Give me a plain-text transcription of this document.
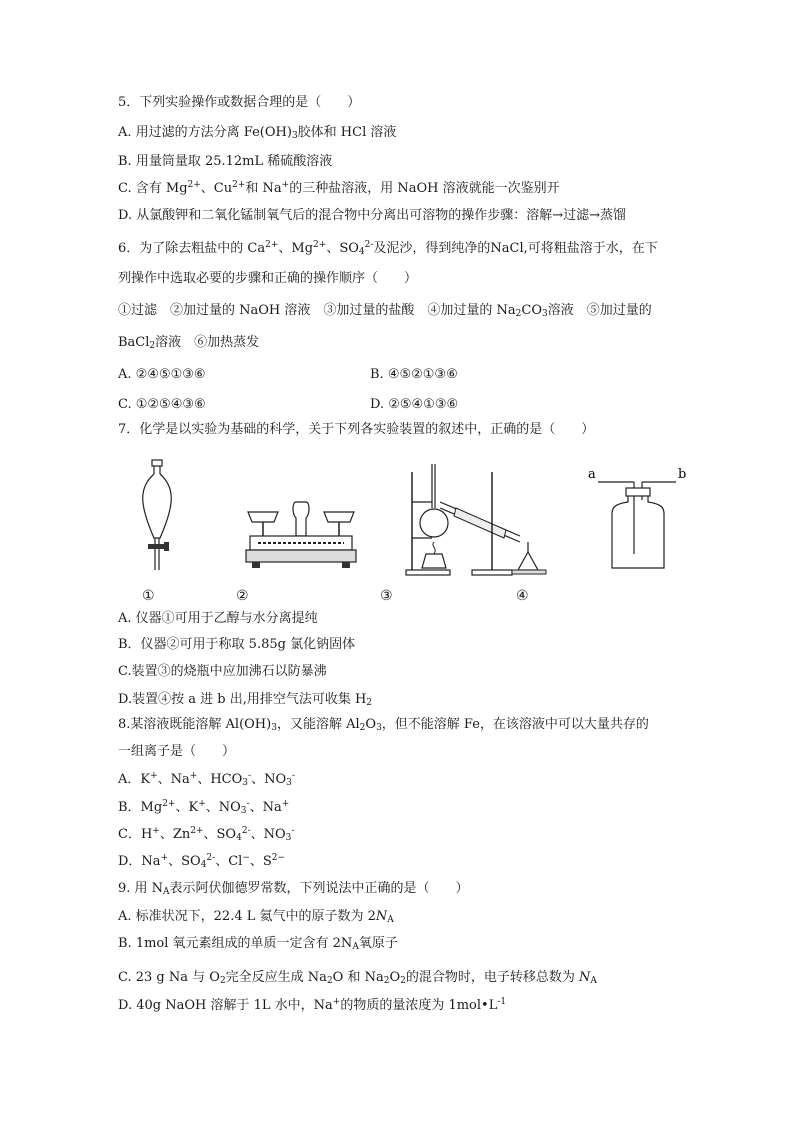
5．下列实验操作或数据合理的是（　　）
A. 用过滤的方法分离 $Fe(OH)_3$胶体和 HCl 溶液
B. 用量筒量取 25.12mL 稀硫酸溶液
C. 含有 $Mg^{2+}$、$Cu^{2+}$和 Na+的三种盐溶液，用 NaOH 溶液就能一次鉴别开
D. 从氯酸钾和二氧化锰制氧气后的混合物中分离出可溶物的操作步骤：溶解→过滤→蒸馏
6．为了除去粗盐中的 $Ca^{2+}$、$Mg^{2+}$、$SO_4^{2-}$及泥沙，得到纯净的NaCl,可将粗盐溶于水，在下
列操作中选取必要的步骤和正确的操作顺序（　　）
①过滤　②加过量的 NaOH 溶液　③加过量的盐酸　④加过量的 $Na_2CO_3$溶液　⑤加过量的
BaCl$_2$溶液　⑥加热蒸发
A. ②④⑤①③⑥	B. ④⑤②①③⑥
C. ①②⑤④③⑥	D. ②⑤④①③⑥
7．化学是以实验为基础的科学，关于下列各实验装置的叙述中，正确的是（　　）
a	b
①	②	③	④
A. 仪器①可用于乙醇与水分离提纯
B．仪器②可用于称取 5.85g 氯化钠固体
C.装置③的烧瓶中应加沸石以防暴沸
D.装置④按 a 进 b 出,用排空气法可收集 $H_2$
8.某溶液既能溶解 $Al(OH)_3$，又能溶解 $Al_2O_3$，但不能溶解 Fe，在该溶液中可以大量共存的
一组离子是（　　）
A．K+、Na+、$HCO_3^-$、$NO_3^-$
B．$Mg^{2+}$、K+、$NO_3^-$、Na+
C．H+、$Zn^{2+}$、$SO_4^{2-}$、$NO_3^-$
D．Na+、$SO_4^{2-}$、Cl−、$S^{2-}$
9. 用 $N_A$表示阿伏伽德罗常数，下列说法中正确的是（　　）
A. 标准状况下，22.4 L 氦气中的原子数为 $2N_A$
B. 1mol 氧元素组成的单质一定含有 $2N_A$氧原子
C. 23 g Na 与 $O_2$完全反应生成 $Na_2O$ 和 $Na_2O_2$的混合物时，电子转移总数为 $N_A$
D. 40g NaOH 溶解于 1L 水中，Na+的物质的量浓度为 $1mol•L^{-1}$
